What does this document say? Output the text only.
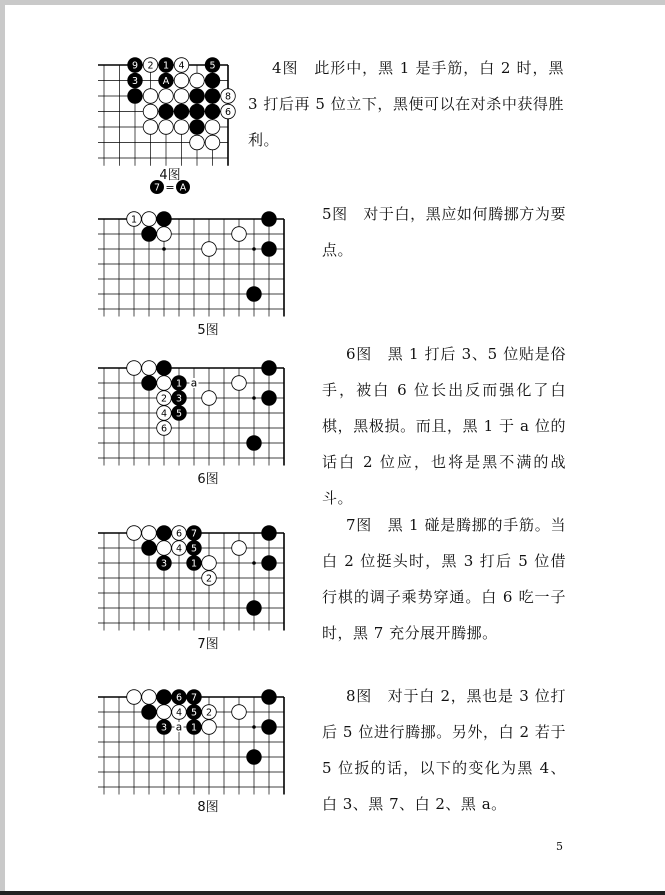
9 2 1 4	5
3	A
8
6
4图
7 = A
4图　此形中，黑 1 是手筋，白 2 时，黑 3 打后再 5 位立下，黑便可以在对杀中获得胜利。
1
5图
5图　对于白，黑应如何腾挪方为要点。
1
2 3
4 5
6
a
6图
6图　黑 1 打后 3、5 位贴是俗手，被白 6 位长出反而强化了白棋，黑极损。而且，黑 1 于 a 位的话白 2 位应，也将是黑不满的战斗。
6 7
4 5
3	1
2
7图
7图　黑 1 碰是腾挪的手筋。当白 2 位挺头时，黑 3 打后 5 位借行棋的调子乘势穿通。白 6 吃一子时，黑 7 充分展开腾挪。
6 7
4 5 2
3	1
a
8图
8图　对于白 2，黑也是 3 位打后 5 位进行腾挪。另外，白 2 若于 5 位扳的话，以下的变化为黑 4、白 3、黑 7、白 2、黑 a。
5
